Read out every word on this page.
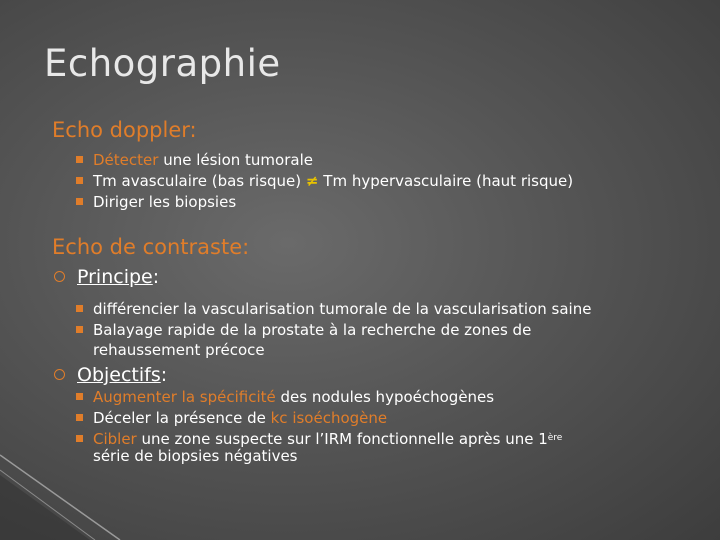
Echographie
Echo doppler:
Détecter une lésion tumorale
Tm avasculaire (bas risque) ≠ Tm hypervasculaire (haut risque)
Diriger les biopsies
Echo de contraste:
Principe:
différencier la vascularisation tumorale de la vascularisation saine
Balayage rapide de la prostate à la recherche de zones de
rehaussement précoce
Objectifs:
Augmenter la spécificité des nodules hypoéchogènes
Déceler la présence de kc isoéchogène
Cibler une zone suspecte sur l’IRM fonctionnelle après une 1ère
série de biopsies négatives
